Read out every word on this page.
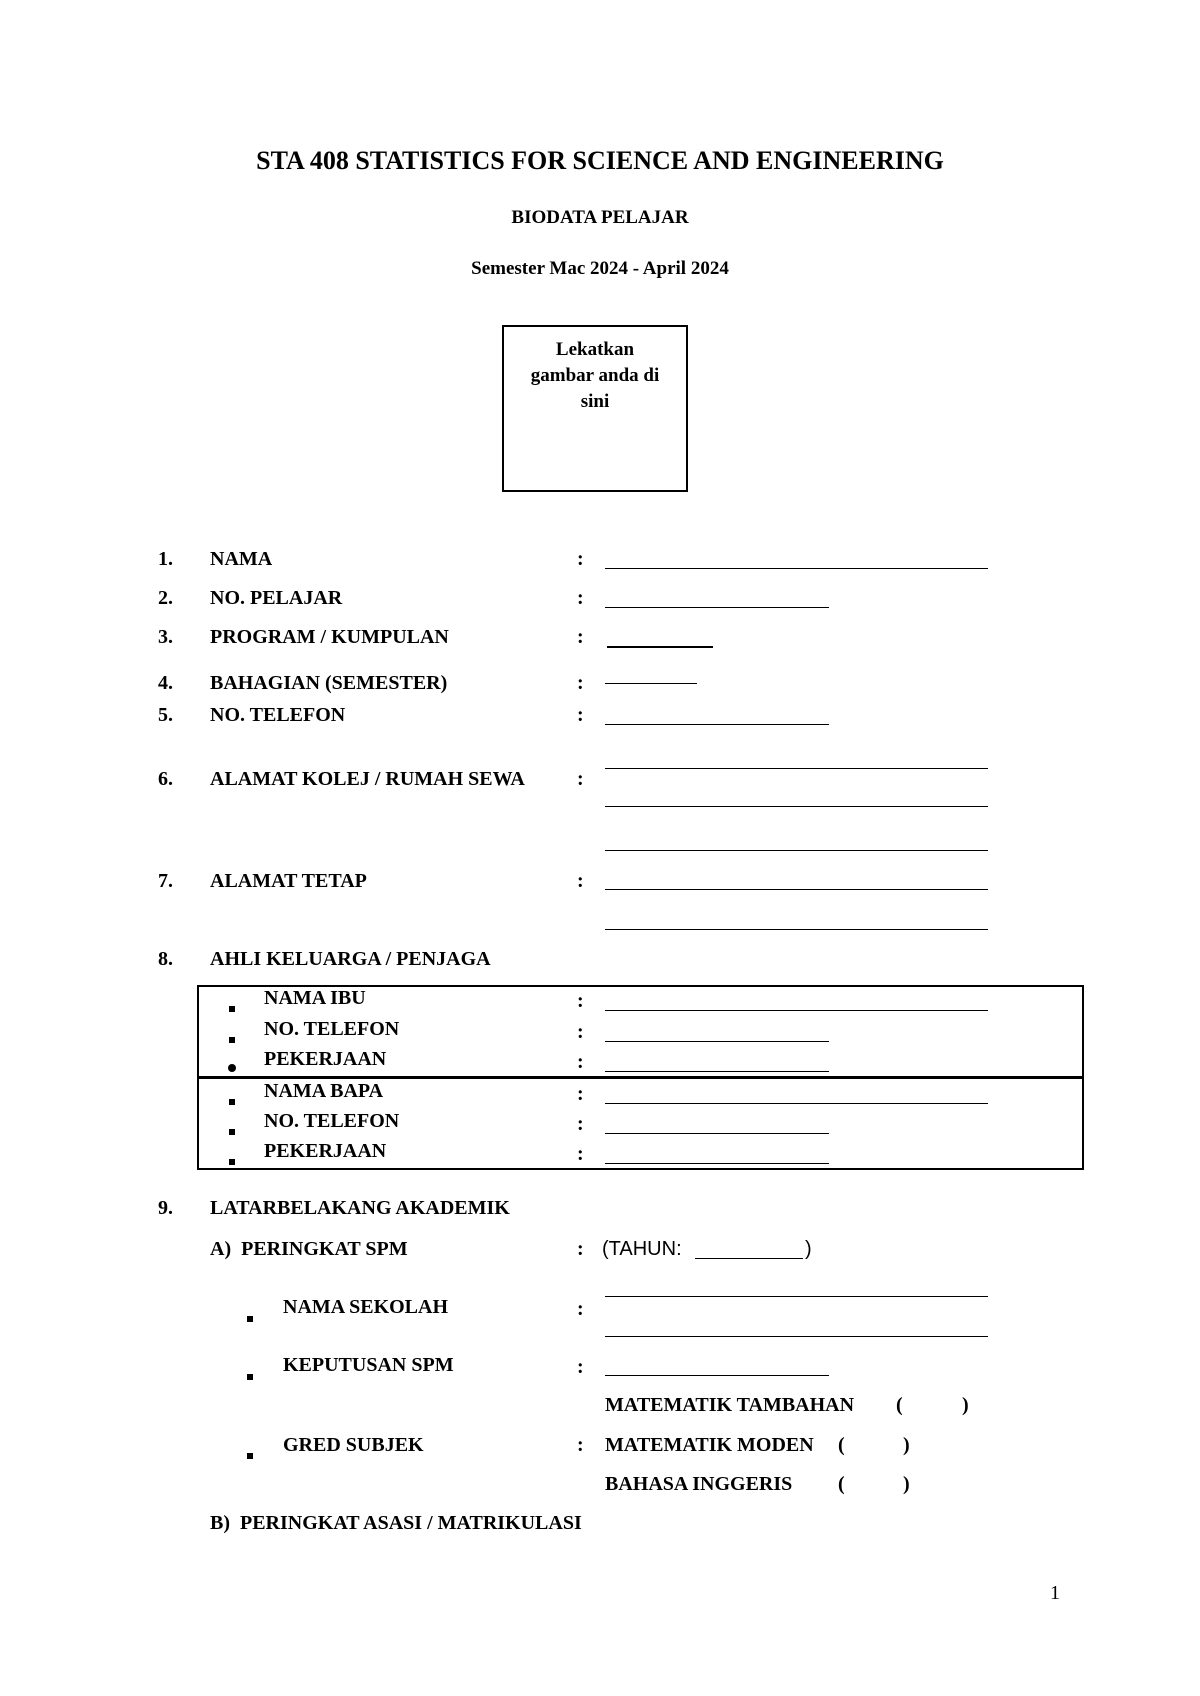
STA 408 STATISTICS FOR SCIENCE AND ENGINEERING
BIODATA PELAJAR
Semester Mac 2024 - April 2024
Lekatkan
gambar anda di
sini
1. NAMA	:
2. NO. PELAJAR	:
3. PROGRAM / KUMPULAN	:
4. BAHAGIAN (SEMESTER)	:
5. NO. TELEFON	:
6. ALAMAT KOLEJ / RUMAH SEWA	:
7. ALAMAT TETAP	:
8. AHLI KELUARGA / PENJAGA
NAMA IBU	:
NO. TELEFON	:
PEKERJAAN	:
NAMA BAPA	:
NO. TELEFON	:
PEKERJAAN	:
9. LATARBELAKANG AKADEMIK
A)  PERINGKAT SPM	: (TAHUN:	)
NAMA SEKOLAH	:
KEPUTUSAN SPM	:
MATEMATIK TAMBAHAN (	)
GRED SUBJEK	: MATEMATIK MODEN (	)
BAHASA INGGERIS (	)
B)  PERINGKAT ASASI / MATRIKULASI
1
